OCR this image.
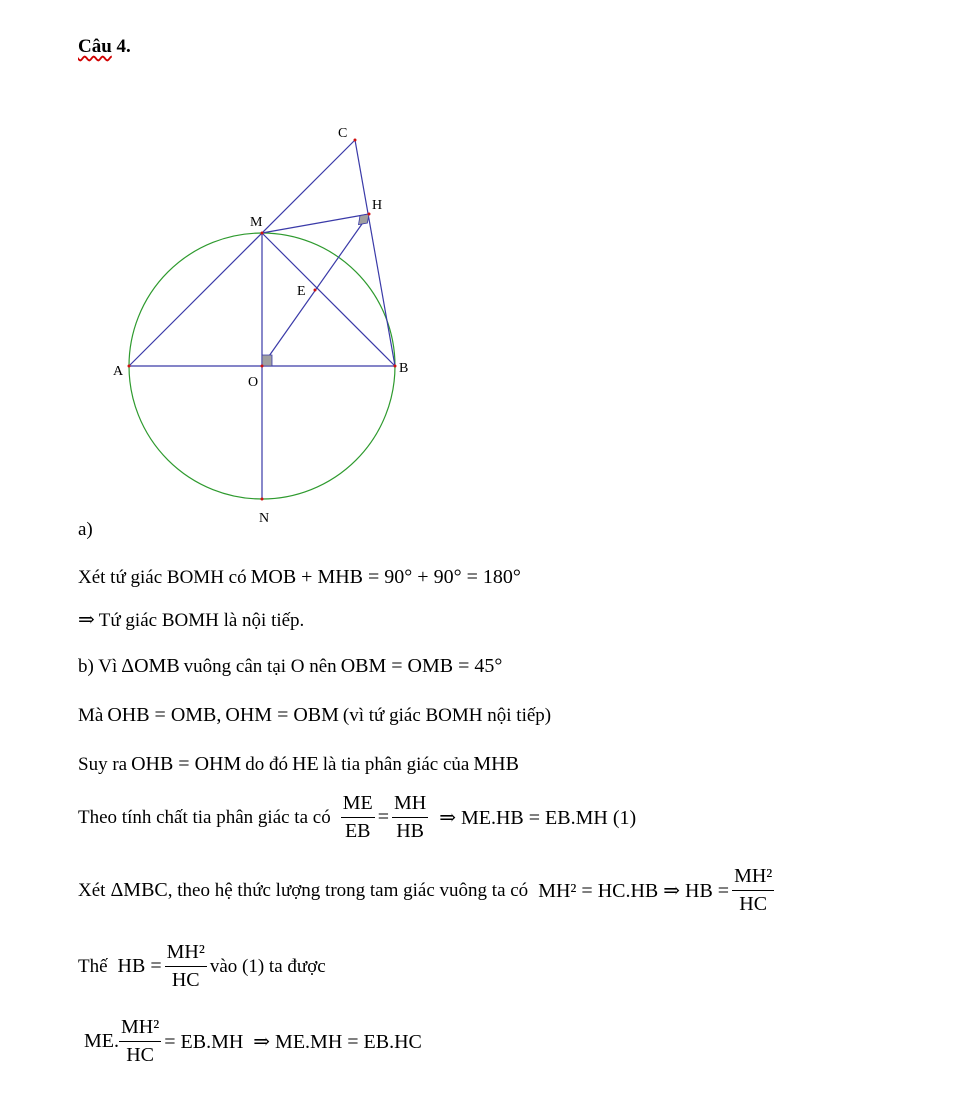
Câu 4.
C
H
M
E
A
O
B
N
a)
Xét tứ giác BOMH có MOB + MHB = 90° + 90° = 180°
⇒ Tứ giác BOMH là nội tiếp.
b) Vì ΔOMB vuông cân tại O nên OBM = OMB = 45°
Mà OHB = OMB, OHM = OBM (vì tứ giác BOMH nội tiếp)
Suy ra OHB = OHM do đó HE là tia phân giác của MHB
Theo tính chất tia phân giác ta có $\frac{ME}{EB} = \frac{MH}{HB}$ ⇒ ME.HB = EB.MH (1)
Xét ΔMBC , theo hệ thức lượng trong tam giác vuông ta có MH² = HC.HB ⇒ HB = $\frac{\text{MH²}}{HC}$
Thế HB = $\frac{\text{MH²}}{HC}$ vào (1) ta được
ME. $\frac{\text{MH²}}{HC} = EB.MH$  ⇒ ME.MH = EB.HC
